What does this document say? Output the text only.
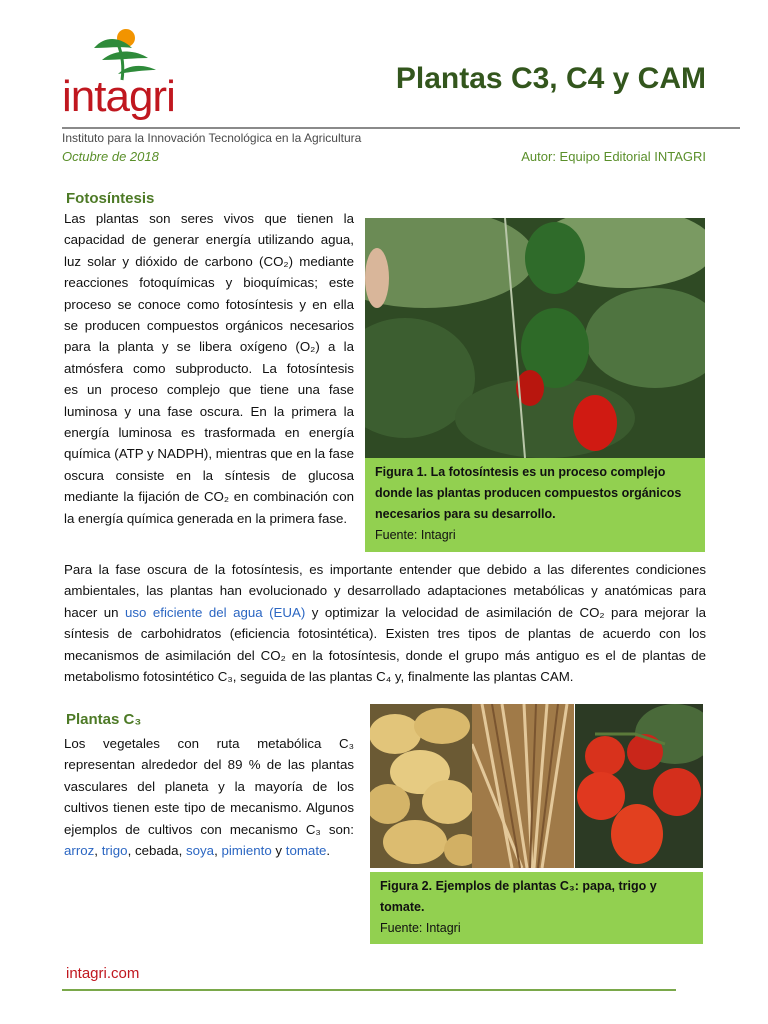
intagri	Plantas C3, C4 y CAM
Instituto para la Innovación Tecnológica en la Agricultura
Octubre de 2018	Autor: Equipo Editorial INTAGRI
Fotosíntesis
Las plantas son seres vivos que tienen la
capacidad de generar energía utilizando agua,
luz solar y dióxido de carbono (CO₂) mediante
reacciones fotoquímicas y bioquímicas; este
proceso se conoce como fotosíntesis y en ella
se producen compuestos orgánicos necesarios
para la planta y se libera oxígeno (O₂) a la
atmósfera como subproducto. La fotosíntesis
es un proceso complejo que tiene una fase
luminosa y una fase oscura. En la primera la
energía luminosa es trasformada en energía
química (ATP y NADPH), mientras que en la fase
oscura consiste en la síntesis de glucosa
mediante la fijación de CO₂ en combinación con
la energía química generada en la primera fase.
Figura 1. La fotosíntesis es un proceso complejo donde las plantas producen compuestos orgánicos necesarios para su desarrollo.
Fuente: Intagri
Para la fase oscura de la fotosíntesis, es importante entender que debido a las diferentes condiciones ambientales, las plantas han evolucionado y desarrollado adaptaciones metabólicas y anatómicas para hacer un uso eficiente del agua (EUA) y optimizar la velocidad de asimilación de CO₂ para mejorar la síntesis de carbohidratos (eficiencia fotosintética). Existen tres tipos de plantas de acuerdo con los mecanismos de asimilación del CO₂ en la fotosíntesis, donde el grupo más antiguo es el de plantas de metabolismo fotosintético C₃, seguida de las plantas C₄ y, finalmente las plantas CAM.
Plantas C₃
Los vegetales con ruta metabólica C₃ representan alrededor del 89 % de las plantas vasculares del planeta y la mayoría de los cultivos tienen este tipo de mecanismo. Algunos ejemplos de cultivos con mecanismo C₃ son: arroz, trigo, cebada, soya, pimiento y tomate.
Figura 2. Ejemplos de plantas C₃: papa, trigo y tomate.
Fuente: Intagri
intagri.com
